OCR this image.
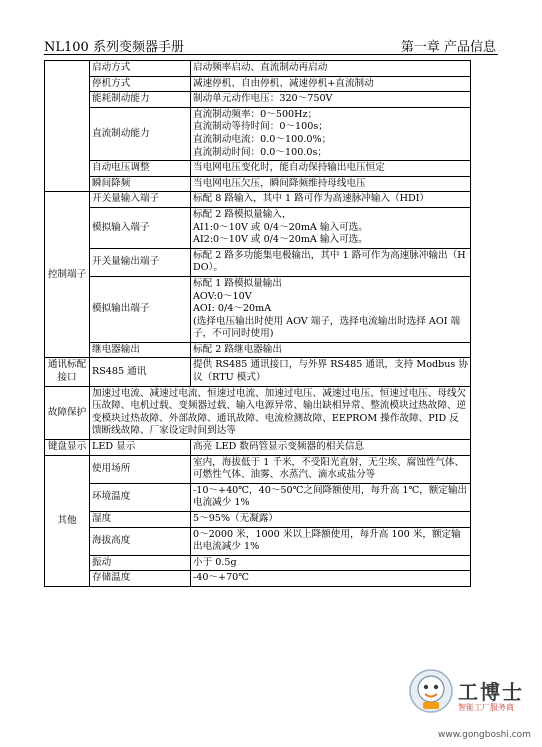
NL100 系列变频器手册	第一章 产品信息
	启动方式	启动频率启动、直流制动再启动

	停机方式	减速停机、自由停机、减速停机+直流制动

	能耗制动能力	制动单元动作电压：320～750V

	直流制动能力	直流制动频率：0～500Hz；
直流制动等待时间：0～100s；
直流制动电流：0.0～100.0%；
直流制动时间：0.0～100.0s；

	自动电压调整	当电网电压变化时，能自动保持输出电压恒定

	瞬间降频	当电网电压欠压，瞬间降频维持母线电压

控制端子	开关量输入端子	标配 8 路输入，其中 1 路可作为高速脉冲输入（HDI）

	模拟输入端子	标配 2 路模拟量输入，
AI1:0～10V 或 0/4～20mA 输入可选。
AI2:0～10V 或 0/4～20mA 输入可选。

	开关量输出端子	标配 2 路多功能集电极输出，其中 1 路可作为高速脉冲输出（HDO）。

	模拟输出端子	标配 1 路模拟量输出
AOV:0～10V
AOI: 0/4～20mA
(选择电压输出时使用 AOV 端子，选择电流输出时选择 AOI 端子，不可同时使用)

	继电器输出	标配 2 路继电器输出

通讯标配接口	RS485 通讯	提供 RS485 通讯接口，与外界 RS485 通讯，支持 Modbus 协议（RTU 模式）

故障保护	加速过电流、减速过电流、恒速过电流、加速过电压、减速过电压、恒速过电压、母线欠压故障、电机过载、变频器过载、输入电源异常、输出缺相异常、整流模块过热故障、逆变模块过热故障、外部故障、通讯故障、电流检测故障、EEPROM 操作故障、PID 反馈断线故障、厂家设定时间到达等	

键盘显示	LED 显示	高亮 LED 数码管显示变频器的相关信息

其他	使用场所	室内，海拔低于 1 千米，不受阳光直射，无尘埃、腐蚀性气体、可燃性气体、油雾、水蒸汽、滴水或盐分等

	环境温度	-10～+40℃，40～50℃之间降额使用，每升高 1℃，额定输出电流减少 1%

	湿度	5～95%（无凝露）

	海拔高度	0～2000 米，1000 米以上降额使用，每升高 100 米，额定输出电流减少 1%

	振动	小于 0.5g

	存储温度	-40～+70℃
工博士
智能工厂服务商
www.gongboshi.com
